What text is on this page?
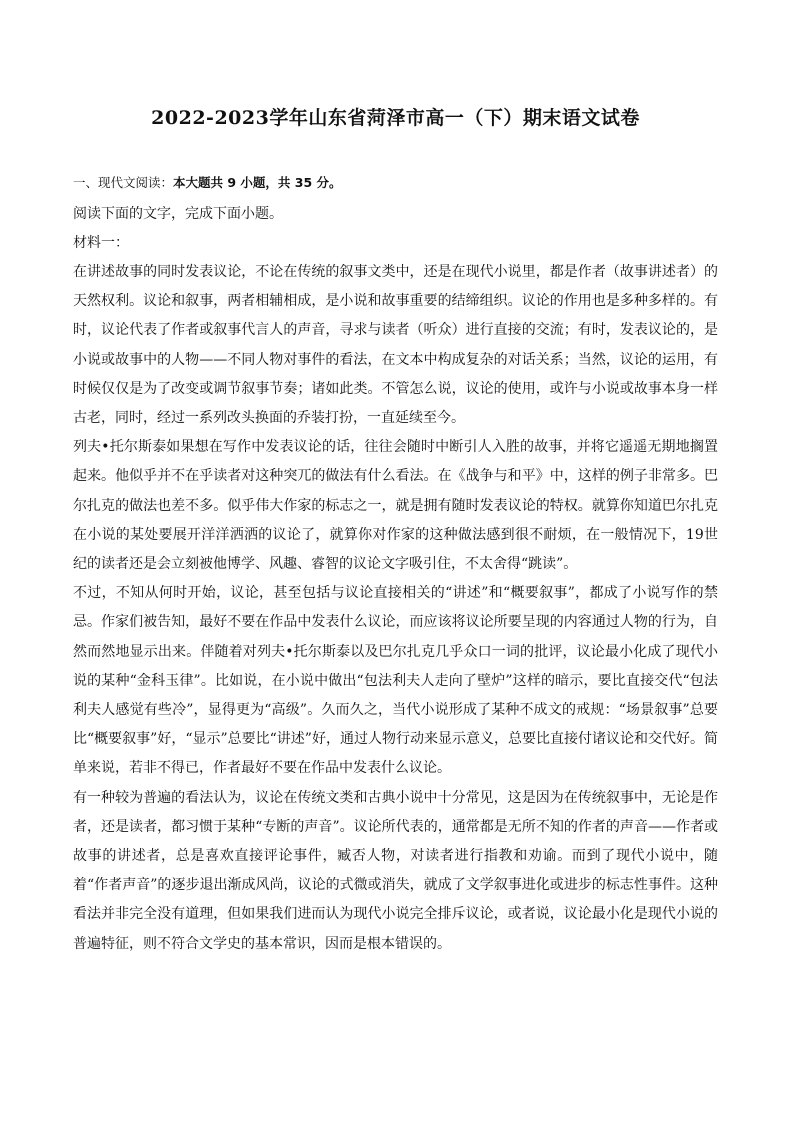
2022-2023学年山东省菏泽市高一（下）期末语文试卷

一、现代文阅读：本大题共 9 小题，共 35 分。

阅读下面的文字，完成下面小题。

材料一：

在讲述故事的同时发表议论，不论在传统的叙事文类中，还是在现代小说里，都是作者（故事讲述者）的天然权利。议论和叙事，两者相辅相成，是小说和故事重要的结缔组织。议论的作用也是多种多样的。有时，议论代表了作者或叙事代言人的声音，寻求与读者（听众）进行直接的交流；有时，发表议论的，是小说或故事中的人物——不同人物对事件的看法，在文本中构成复杂的对话关系；当然，议论的运用，有时候仅仅是为了改变或调节叙事节奏；诸如此类。不管怎么说，议论的使用，或许与小说或故事本身一样古老，同时，经过一系列改头换面的乔装打扮，一直延续至今。

列夫•托尔斯泰如果想在写作中发表议论的话，往往会随时中断引人入胜的故事，并将它遥遥无期地搁置起来。他似乎并不在乎读者对这种突兀的做法有什么看法。在《战争与和平》中，这样的例子非常多。巴尔扎克的做法也差不多。似乎伟大作家的标志之一，就是拥有随时发表议论的特权。就算你知道巴尔扎克在小说的某处要展开洋洋洒洒的议论了，就算你对作家的这种做法感到很不耐烦，在一般情况下，19世纪的读者还是会立刻被他博学、风趣、睿智的议论文字吸引住，不太舍得“跳读”。

不过，不知从何时开始，议论，甚至包括与议论直接相关的“讲述”和“概要叙事”，都成了小说写作的禁忌。作家们被告知，最好不要在作品中发表什么议论，而应该将议论所要呈现的内容通过人物的行为，自然而然地显示出来。伴随着对列夫•托尔斯泰以及巴尔扎克几乎众口一词的批评，议论最小化成了现代小说的某种“金科玉律”。比如说，在小说中做出“包法利夫人走向了壁炉”这样的暗示，要比直接交代“包法利夫人感觉有些冷”，显得更为“高级”。久而久之，当代小说形成了某种不成文的戒规：“场景叙事”总要比“概要叙事”好，“显示”总要比“讲述”好，通过人物行动来显示意义，总要比直接付诸议论和交代好。简单来说，若非不得已，作者最好不要在作品中发表什么议论。

有一种较为普遍的看法认为，议论在传统文类和古典小说中十分常见，这是因为在传统叙事中，无论是作者，还是读者，都习惯于某种“专断的声音”。议论所代表的，通常都是无所不知的作者的声音——作者或故事的讲述者，总是喜欢直接评论事件，臧否人物，对读者进行指教和劝谕。而到了现代小说中，随着“作者声音”的逐步退出渐成风尚，议论的式微或消失，就成了文学叙事进化或进步的标志性事件。这种看法并非完全没有道理，但如果我们进而认为现代小说完全排斥议论，或者说，议论最小化是现代小说的普遍特征，则不符合文学史的基本常识，因而是根本错误的。
